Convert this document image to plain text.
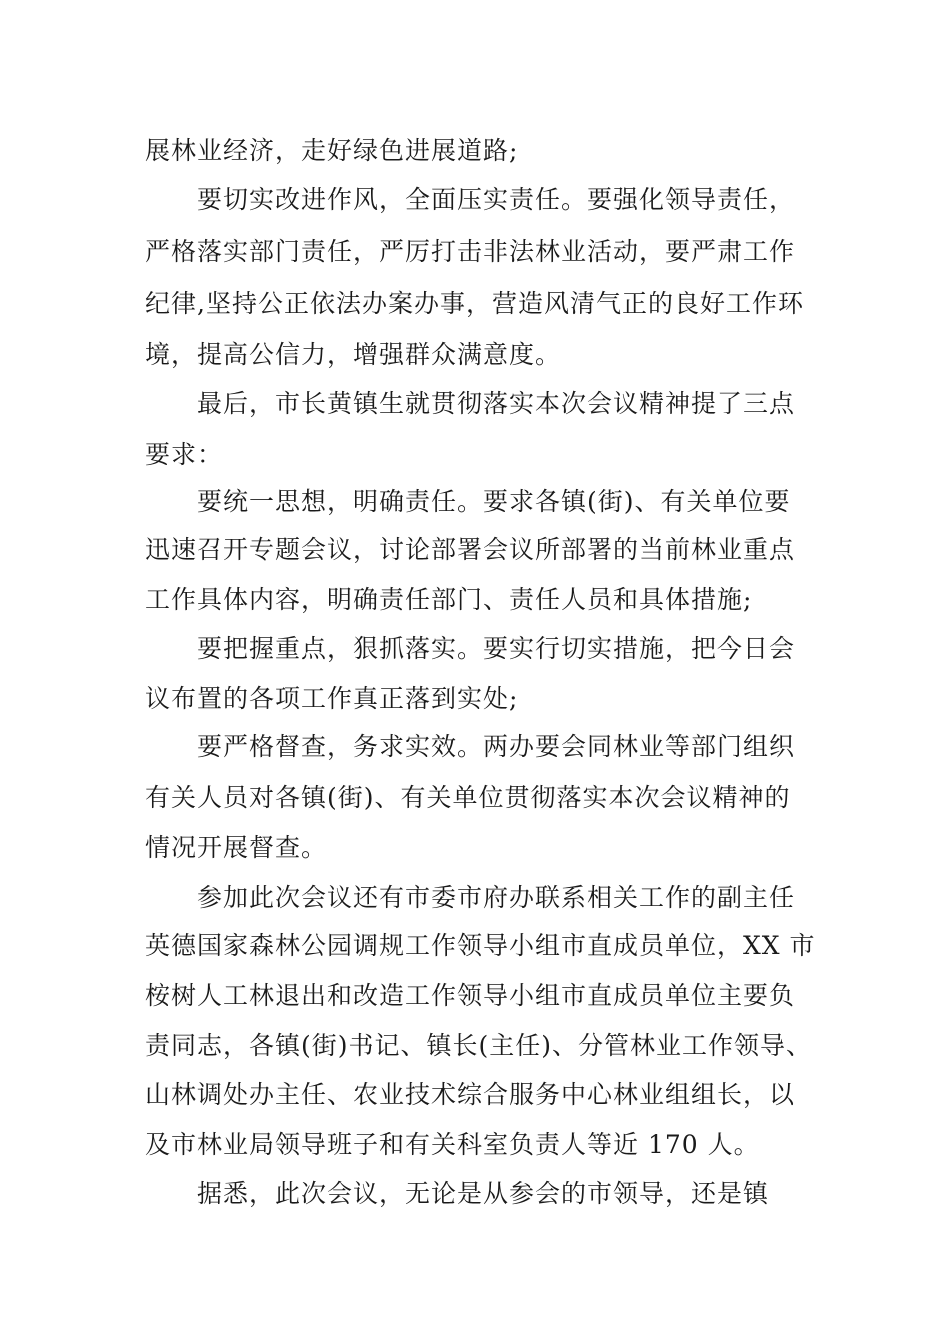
展林业经济，走好绿色进展道路;

要切实改进作风，全面压实责任。要强化领导责任，

严格落实部门责任，严厉打击非法林业活动，要严肃工作

纪律,坚持公正依法办案办事，营造风清气正的良好工作环

境，提高公信力，增强群众满意度。

最后，市长黄镇生就贯彻落实本次会议精神提了三点

要求：

要统一思想，明确责任。要求各镇(街)、有关单位要

迅速召开专题会议，讨论部署会议所部署的当前林业重点

工作具体内容，明确责任部门、责任人员和具体措施;

要把握重点，狠抓落实。要实行切实措施，把今日会

议布置的各项工作真正落到实处;

要严格督查，务求实效。两办要会同林业等部门组织

有关人员对各镇(街)、有关单位贯彻落实本次会议精神的

情况开展督查。

参加此次会议还有市委市府办联系相关工作的副主任

英德国家森林公园调规工作领导小组市直成员单位，XX 市

桉树人工林退出和改造工作领导小组市直成员单位主要负

责同志，各镇(街)书记、镇长(主任)、分管林业工作领导、

山林调处办主任、农业技术综合服务中心林业组组长，以

及市林业局领导班子和有关科室负责人等近 170 人。

据悉，此次会议，无论是从参会的市领导，还是镇
